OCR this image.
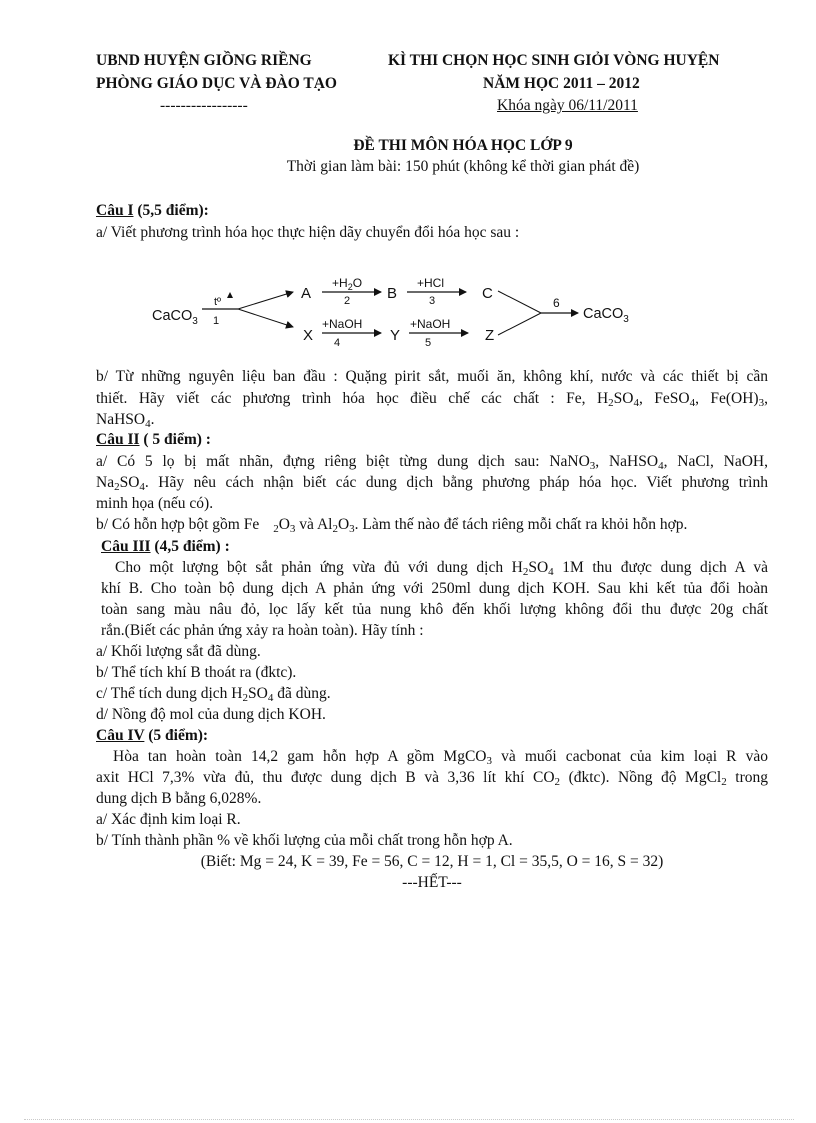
UBND HUYỆN GIỒNG RIỀNG
PHÒNG GIÁO DỤC VÀ ĐÀO TẠO
-----------------
KÌ THI CHỌN HỌC SINH GIỎI VÒNG HUYỆN
NĂM HỌC 2011 – 2012
Khóa ngày 06/11/2011
ĐỀ THI MÔN HÓA HỌC LỚP 9
Thời gian làm bài: 150 phút (không kể thời gian phát đề)
Câu I (5,5 điểm):
a/ Viết phương trình hóa học thực hiện dãy chuyển đổi hóa học sau :
CaCO$_3$
tº
1
A
$+H_2O$
2 B
+HCl
3	C
X
+NaOH
4	Y
+NaOH
5	Z
6
CaCO$_3$
b/ Từ những nguyên liệu ban đầu : Quặng pirit sắt, muối ăn, không khí, nước và các thiết bị cần
thiết. Hãy viết các phương trình hóa học điều chế các chất : Fe, $H_2SO_4$, FeSO$_4$, $Fe(OH)_3$,
NaHSO$_4$.
Câu II ( 5 điểm) :
a/ Có 5 lọ bị mất nhãn, đựng riêng biệt từng dung dịch sau: NaNO$_3$, NaHSO$_4$, NaCl, NaOH,
$Na_2SO_4$. Hãy nêu cách nhận biết các dung dịch bằng phương pháp hóa học. Viết phương trình
minh họa (nếu có).
b/ Có hỗn hợp bột gồm Fe $_2O_3$ và $Al_2O_3$. Làm thế nào để tách riêng mỗi chất ra khỏi hỗn hợp.
Câu III (4,5 điểm) :
Cho một lượng bột sắt phản ứng vừa đủ với dung dịch $H_2SO_4$ 1M thu được dung dịch A và
khí B. Cho toàn bộ dung dịch A phản ứng với 250ml dung dịch KOH. Sau khi kết tủa đổi hoàn
toàn sang màu nâu đỏ, lọc lấy kết tủa nung khô đến khối lượng không đổi thu được 20g chất
rắn.(Biết các phản ứng xảy ra hoàn toàn). Hãy tính :
a/ Khối lượng sắt đã dùng.
b/ Thể tích khí B thoát ra (đktc).
c/ Thể tích dung dịch $H_2SO_4$ đã dùng.
d/ Nồng độ mol của dung dịch KOH.
Câu IV (5 điểm):
Hòa tan hoàn toàn 14,2 gam hỗn hợp A gồm MgCO$_3$ và muối cacbonat của kim loại R vào
axit HCl 7,3% vừa đủ, thu được dung dịch B và 3,36 lít khí $CO_2$ (đktc). Nồng độ MgCl$_2$ trong
dung dịch B bằng 6,028%.
a/ Xác định kim loại R.
b/ Tính thành phần % về khối lượng của mỗi chất trong hỗn hợp A.
(Biết: Mg = 24, K = 39, Fe = 56, C = 12, H = 1, Cl = 35,5, O = 16, S = 32)
---HẾT---
